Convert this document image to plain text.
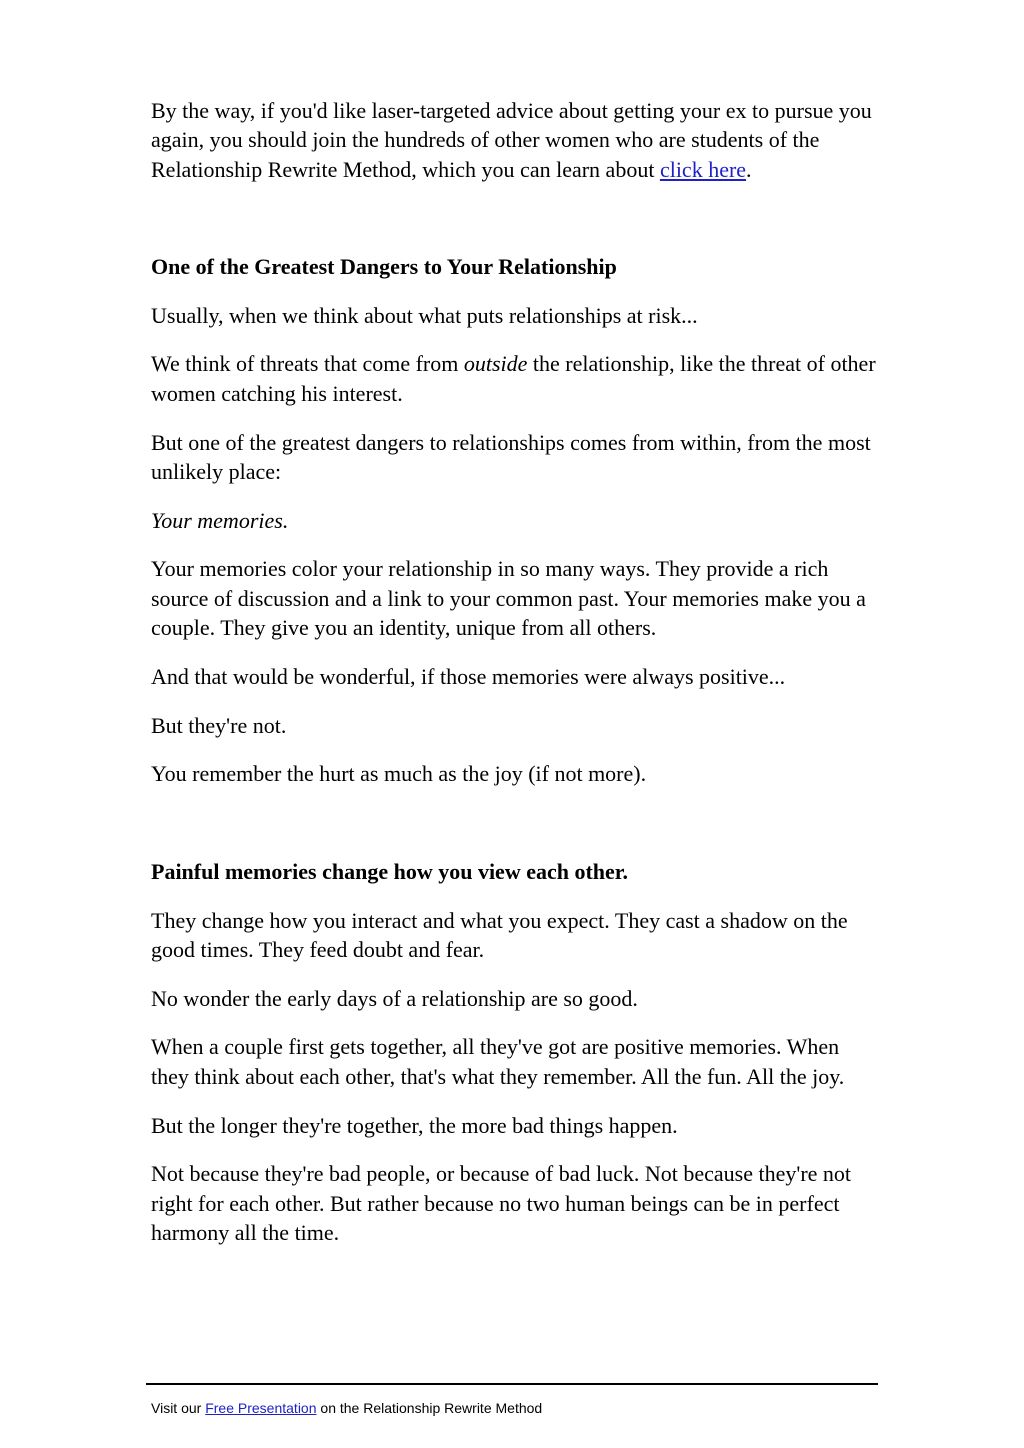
By the way, if you'd like laser-targeted advice about getting your ex to pursue you again, you should join the hundreds of other women who are students of the Relationship Rewrite Method, which you can learn about click here.

One of the Greatest Dangers to Your Relationship

Usually, when we think about what puts relationships at risk...

We think of threats that come from outside the relationship, like the threat of other women catching his interest.

But one of the greatest dangers to relationships comes from within, from the most unlikely place:

Your memories.

Your memories color your relationship in so many ways. They provide a rich source of discussion and a link to your common past. Your memories make you a couple. They give you an identity, unique from all others.

And that would be wonderful, if those memories were always positive...

But they're not.

You remember the hurt as much as the joy (if not more).

Painful memories change how you view each other.

They change how you interact and what you expect. They cast a shadow on the good times. They feed doubt and fear.

No wonder the early days of a relationship are so good.

When a couple first gets together, all they've got are positive memories. When they think about each other, that's what they remember. All the fun. All the joy.

But the longer they're together, the more bad things happen.

Not because they're bad people, or because of bad luck. Not because they're not right for each other. But rather because no two human beings can be in perfect harmony all the time.

Visit our Free Presentation on the Relationship Rewrite Method
